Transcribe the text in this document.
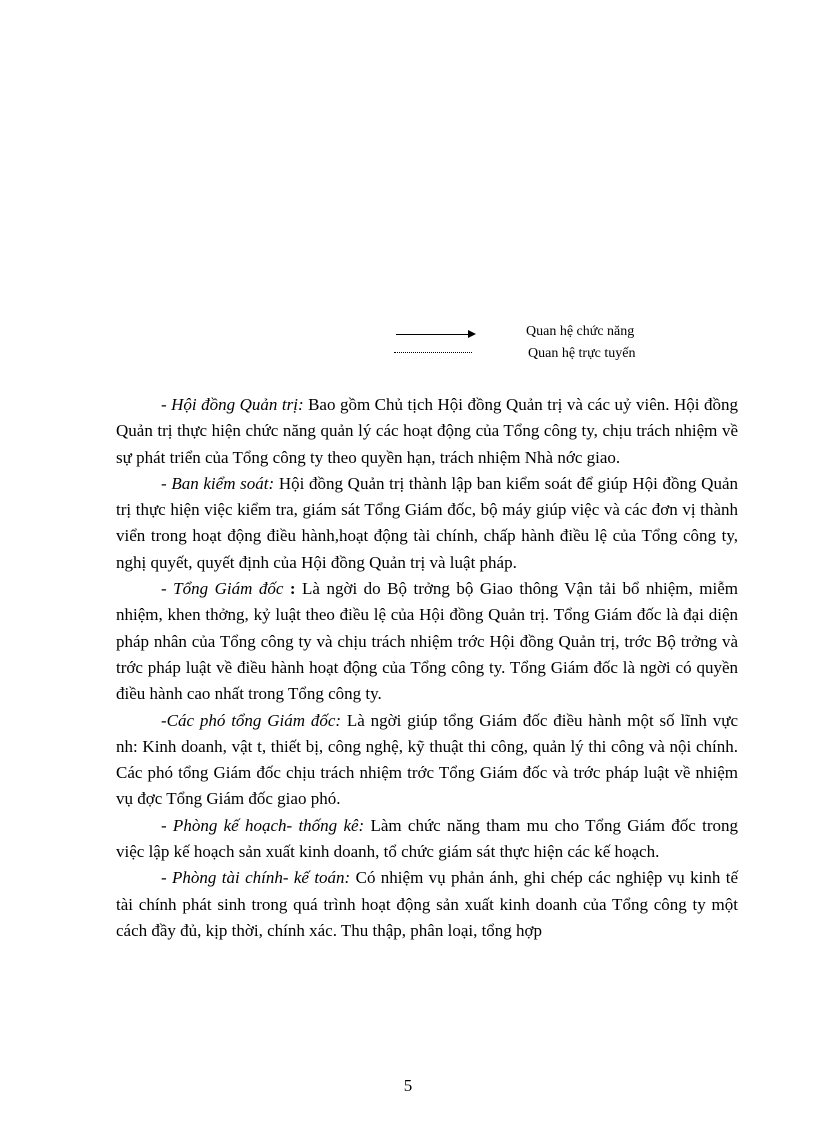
Quan hệ chức năng
Quan hệ trực tuyến

- Hội đồng Quản trị: Bao gồm Chủ tịch Hội đồng Quản trị và các uỷ viên. Hội đồng Quản trị thực hiện chức năng quản lý các hoạt động của Tổng công ty, chịu trách nhiệm về sự phát triển của Tổng công ty theo quyền hạn, trách nhiệm Nhà nớc giao.

- Ban kiểm soát: Hội đồng Quản trị thành lập ban kiểm soát để giúp Hội đồng Quản trị thực hiện việc kiểm tra, giám sát Tổng Giám đốc, bộ máy giúp việc và các đơn vị thành viển trong hoạt động điều hành,hoạt động tài chính, chấp hành điều lệ của Tổng công ty, nghị quyết, quyết định của Hội đồng Quản trị và luật pháp.

- Tổng Giám đốc : Là ngời do Bộ trởng bộ Giao thông Vận tải bổ nhiệm, miễm nhiệm, khen thởng, kỷ luật theo điều lệ của Hội đồng Quản trị. Tổng Giám đốc là đại diện pháp nhân của Tổng công ty và chịu trách nhiệm trớc Hội đồng Quản trị, trớc Bộ trởng và trớc pháp luật về điều hành hoạt động của Tổng công ty. Tổng Giám đốc là ngời có quyền điều hành cao nhất trong Tổng công ty.

-Các phó tổng Giám đốc: Là ngời giúp tổng Giám đốc điều hành một số lĩnh vực nh: Kinh doanh, vật t, thiết bị, công nghệ, kỹ thuật thi công, quản lý thi công và nội chính. Các phó tổng Giám đốc chịu trách nhiệm trớc Tổng Giám đốc và trớc pháp luật về nhiệm vụ đợc Tổng Giám đốc giao phó.

- Phòng kế hoạch- thống kê: Làm chức năng tham mu cho Tổng Giám đốc trong việc lập kế hoạch sản xuất kinh doanh, tổ chức giám sát thực hiện các kế hoạch.

- Phòng tài chính- kế toán: Có nhiệm vụ phản ánh, ghi chép các nghiệp vụ kinh tế tài chính phát sinh trong quá trình hoạt động sản xuất kinh doanh của Tổng công ty một cách đầy đủ, kịp thời, chính xác. Thu thập, phân loại, tổng hợp

5
